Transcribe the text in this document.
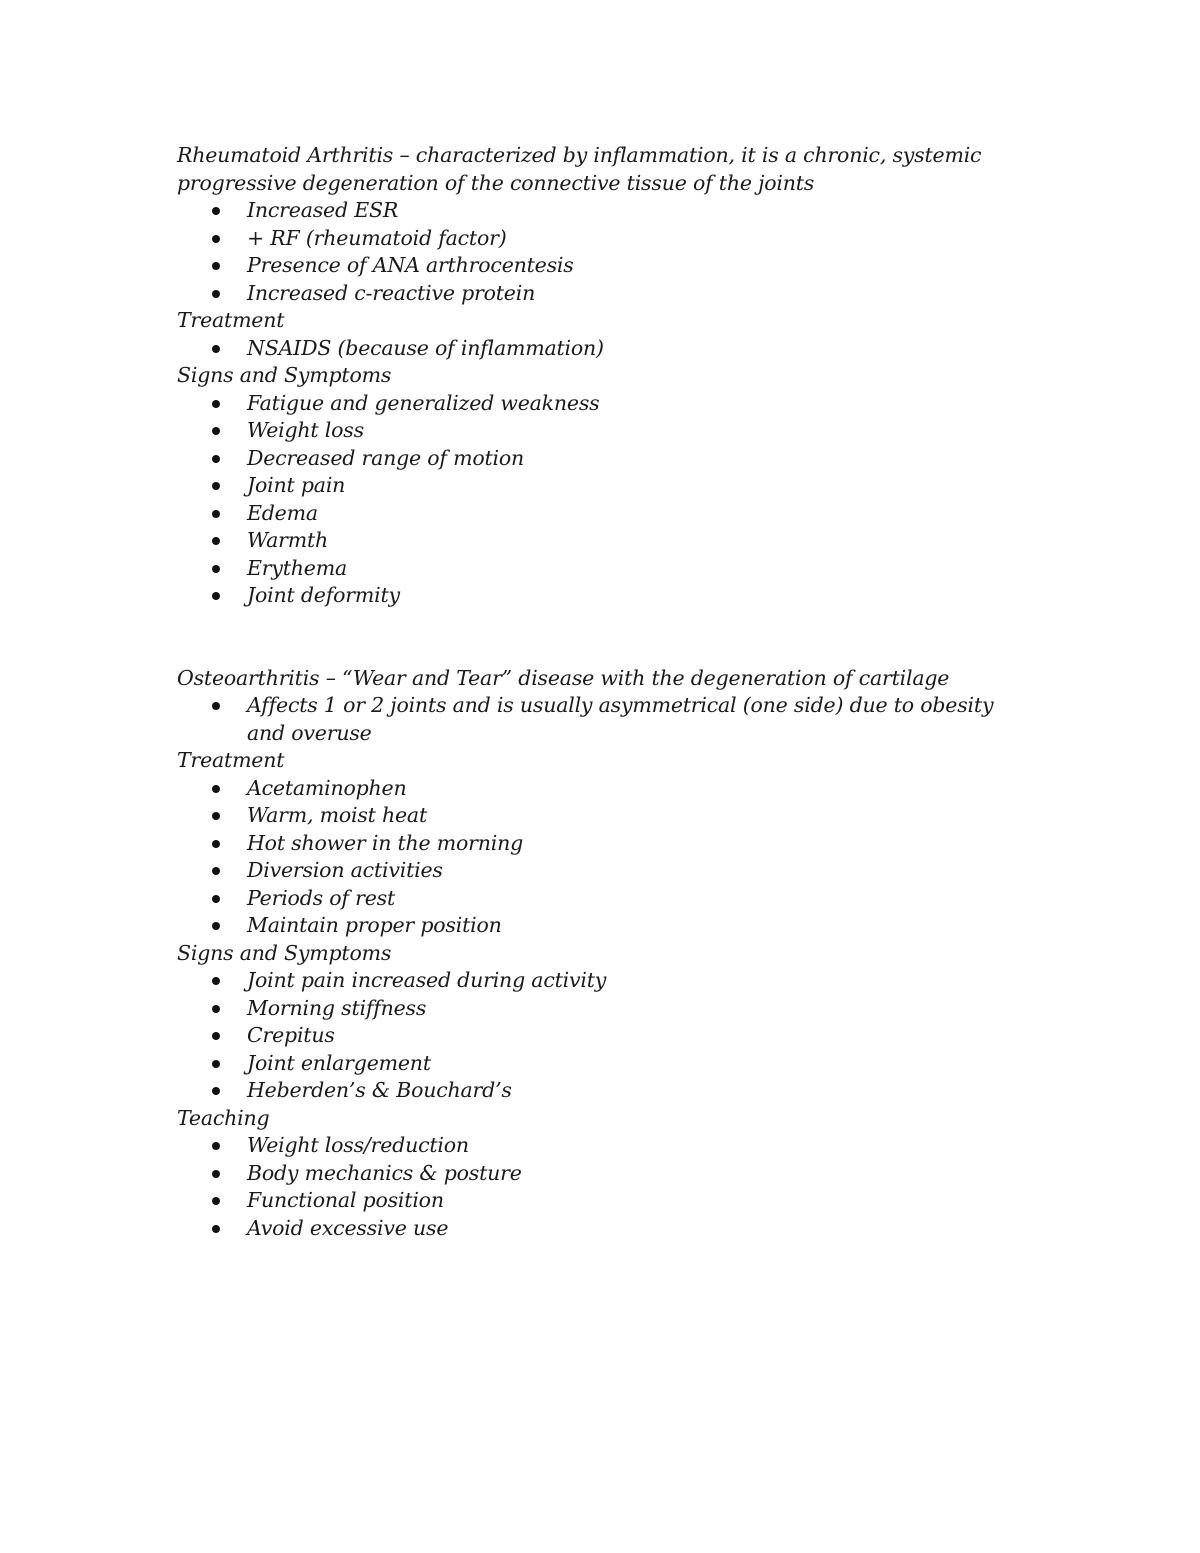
Rheumatoid Arthritis – characterized by inflammation, it is a chronic, systemic progressive degeneration of the connective tissue of the joints

Increased ESR
+ RF (rheumatoid factor)
Presence of ANA arthrocentesis
Increased c-reactive protein

Treatment

NSAIDS (because of inflammation)

Signs and Symptoms

Fatigue and generalized weakness
Weight loss
Decreased range of motion
Joint pain
Edema
Warmth
Erythema
Joint deformity

Osteoarthritis – “Wear and Tear” disease with the degeneration of cartilage

Affects 1 or 2 joints and is usually asymmetrical (one side) due to obesity and overuse

Treatment

Acetaminophen
Warm, moist heat
Hot shower in the morning
Diversion activities
Periods of rest
Maintain proper position

Signs and Symptoms

Joint pain increased during activity
Morning stiffness
Crepitus
Joint enlargement
Heberden’s & Bouchard’s

Teaching

Weight loss/reduction
Body mechanics & posture
Functional position
Avoid excessive use
